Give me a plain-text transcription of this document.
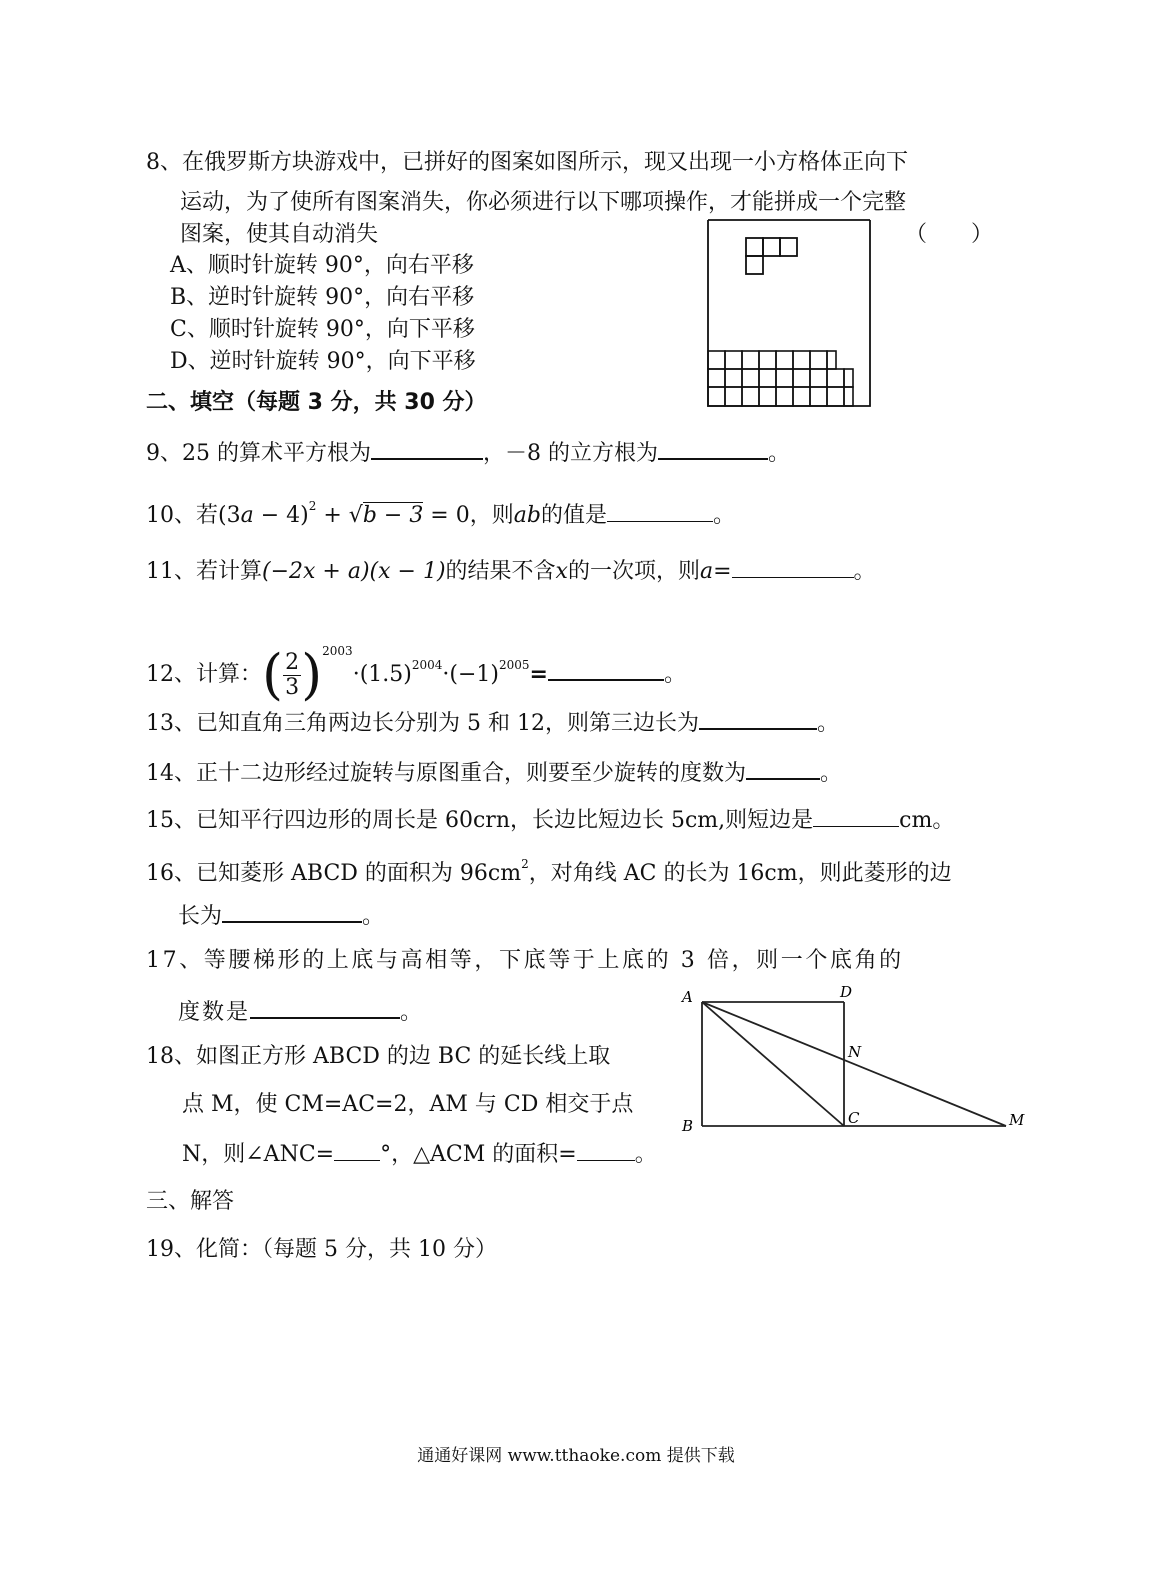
8、在俄罗斯方块游戏中，已拼好的图案如图所示，现又出现一小方格体正向下
运动，为了使所有图案消失，你必须进行以下哪项操作，才能拼成一个完整
图案，使其自动消失	（　　）
A、顺时针旋转 90°，向右平移
B、逆时针旋转 90°，向右平移
C、顺时针旋转 90°，向下平移
D、逆时针旋转 90°，向下平移
二、填空（每题 3 分，共 30 分）
9、25 的算术平方根为	，－8 的立方根为	。
10、若$(3a - 4)^2 + √b - 3 = 0$，则ab的值是	。
11、若计算(−2x + a)(x − 1)的结果不含x的一次项，则a=	。
12、计算：( $\frac{2}{3} )^{2003}\cdot(1.5)^{2004}\cdot(-1)^{2005}=$	。
13、已知直角三角两边长分别为 5 和 12，则第三边长为	。
14、正十二边形经过旋转与原图重合，则要至少旋转的度数为	。
15、已知平行四边形的周长是 60crn，长边比短边长 5cm,则短边是	cm。
16、已知菱形 ABCD 的面积为 $96cm^2$，对角线 AC 的长为 16cm，则此菱形的边
长为	。
17、等腰梯形的上底与高相等，下底等于上底的 3 倍，则一个底角的
度数是	。
18、如图正方形 ABCD 的边 BC 的延长线上取
点 M，使 CM=AC=2，AM 与 CD 相交于点
N，则∠ANC= °，△ACM 的面积=	。
A	D
N
B	C	M
三、解答
19、化简：（每题 5 分，共 10 分）
通通好课网 www.tthaoke.com 提供下载
